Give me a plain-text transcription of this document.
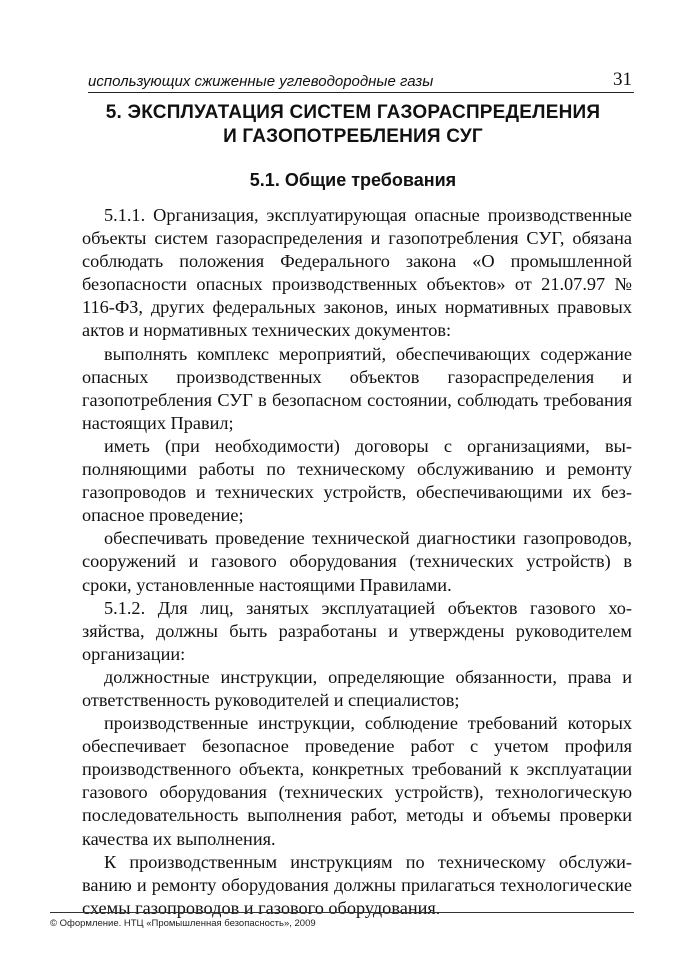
использующих сжиженные углеводородные газы	31
5. ЭКСПЛУАТАЦИЯ СИСТЕМ ГАЗОРАСПРЕДЕЛЕНИЯ
И ГАЗОПОТРЕБЛЕНИЯ СУГ
5.1. Общие требования

5.1.1. Организация, эксплуатирующая опасные производственные объекты систем газораспределения и газопотребления СУГ, обязана соблюдать положения Федерального закона «О промышленной безопасности опасных производственных объектов» от 21.07.97 № 116-ФЗ, других федеральных законов, иных нормативных правовых актов и нормативных технических документов:

выполнять комплекс мероприятий, обеспечивающих содержание опасных производственных объектов газораспределения и газопотребления СУГ в безопасном состоянии, соблюдать требования настоящих Правил;

иметь (при необходимости) договоры с организациями, выполняющими работы по техническому обслуживанию и ремонту газопроводов и технических устройств, обеспечивающими их безопасное проведение;

обеспечивать проведение технической диагностики газопроводов, сооружений и газового оборудования (технических устройств) в сроки, установленные настоящими Правилами.

5.1.2. Для лиц, занятых эксплуатацией объектов газового хозяйства, должны быть разработаны и утверждены руководителем организации:

должностные инструкции, определяющие обязанности, права и ответственность руководителей и специалистов;

производственные инструкции, соблюдение требований которых обеспечивает безопасное проведение работ с учетом профиля производственного объекта, конкретных требований к эксплуатации газового оборудования (технических устройств), технологическую последовательность выполнения работ, методы и объемы проверки качества их выполнения.

К производственным инструкциям по техническому обслуживанию и ремонту оборудования должны прилагаться технологические схемы газопроводов и газового оборудования.

© Оформление. НТЦ «Промышленная безопасность», 2009
